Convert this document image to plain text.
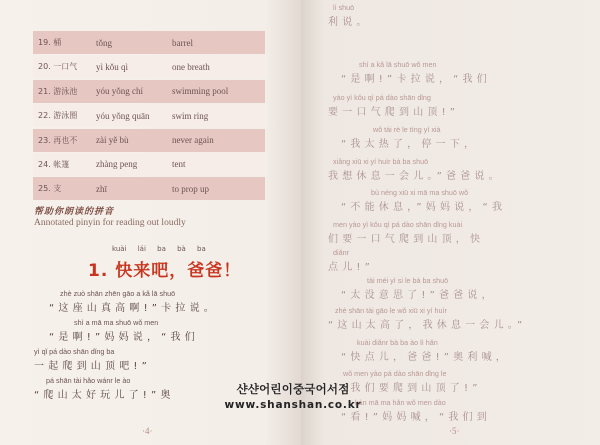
19. 桶	tǒng	barrel
20. 一口气	yì kǒu qì	one breath
21. 游泳池	yóu yǒng chí	swimming pool
22. 游泳圈	yóu yǒng quān	swim ring
23. 再也不	zài yě bù	never again
24. 帐篷	zhàng peng	tent
25. 支	zhī	to prop up
帮助你朗读的拼音
Annotated pinyin for reading out loudly
kuài lái ba bà ba
1. 快来吧，爸爸！
zhè zuò shān zhēn gāo a kǎ lā shuō
“这座山真高啊!”卡拉说。
shì a mā ma shuō wǒ men
“是啊!”妈妈说，“我们
yì qǐ pá dào shān dǐng ba
一起爬到山顶吧!”
pá shān tài hǎo wánr le ào
“爬山太好玩儿了!”奥
·4·
lì shuō
利说。
shì a kǎ lā shuō wǒ men
“是啊!”卡拉说，“我们
yào yì kǒu qì pá dào shān dǐng
要一口气爬到山顶!”
wǒ tài rè le tíng yí xià
“我太热了，停一下，
xiǎng xiū xi yí huìr bà ba shuō
我想休息一会儿。”爸爸说。
bù néng xiū xi mā ma shuō wǒ
“不能休息，”妈妈说，“我
men yào yì kǒu qì pá dào shān dǐng kuài
们要一口气爬到山顶，快
diǎnr
点儿!”
tài méi yì si le bà ba shuō
“太没意思了!”爸爸说，
zhè shān tài gāo le wǒ xiū xi yí huìr
“这山太高了，我休息一会儿。”
kuài diǎnr bà ba ào lì hǎn
“快点儿，爸爸!”奥利喊，
wǒ men yào pá dào shān dǐng le
“我们要爬到山顶了!”
kàn mā ma hǎn wǒ men dào
“看!”妈妈喊，“我们到
·5·
샨샨어린이중국어서점
www.shanshan.co.kr
